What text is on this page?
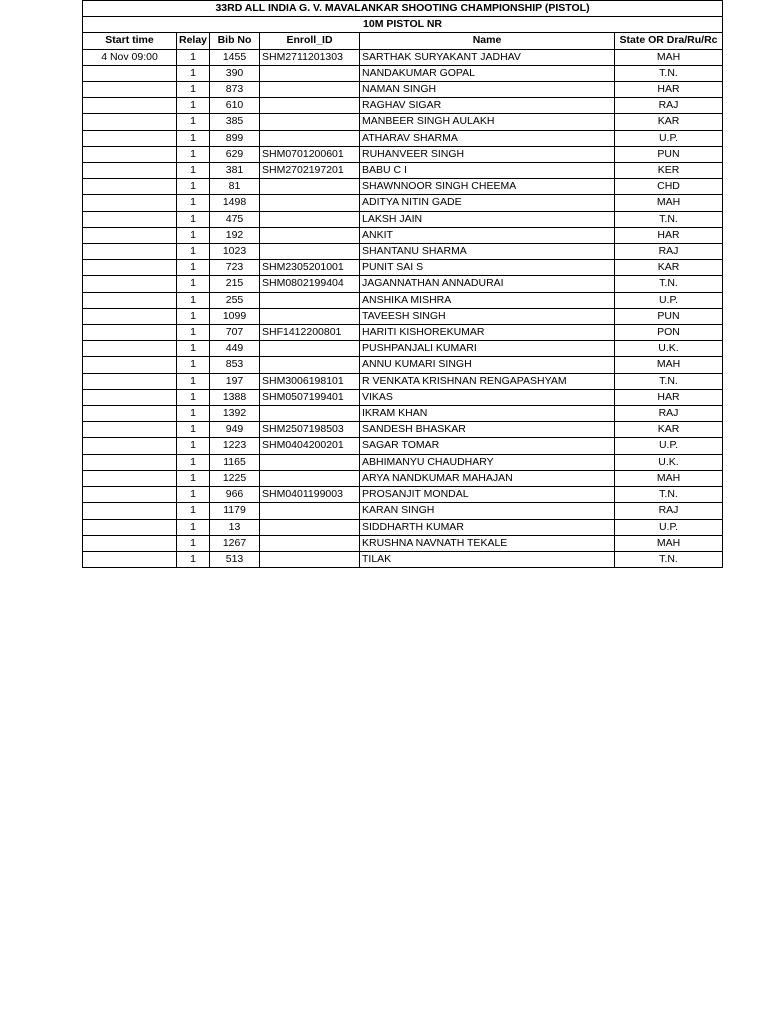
33RD ALL INDIA G. V. MAVALANKAR SHOOTING CHAMPIONSHIP (PISTOL)					
10M PISTOL NR					
Start time	Relay	Bib No	Enroll_ID	Name	State OR Dra/Ru/Rc
4 Nov 09:00	1	1455	SHM2711201303	SARTHAK SURYAKANT JADHAV	MAH
	1	390		NANDAKUMAR GOPAL	T.N.
	1	873		NAMAN SINGH	HAR
	1	610		RAGHAV SIGAR	RAJ
	1	385		MANBEER SINGH AULAKH	KAR
	1	899		ATHARAV SHARMA	U.P.
	1	629	SHM0701200601	RUHANVEER SINGH	PUN
	1	381	SHM2702197201	BABU C I	KER
	1	81		SHAWNNOOR SINGH CHEEMA	CHD
	1	1498		ADITYA NITIN GADE	MAH
	1	475		LAKSH JAIN	T.N.
	1	192		ANKIT	HAR
	1	1023		SHANTANU SHARMA	RAJ
	1	723	SHM2305201001	PUNIT SAI S	KAR
	1	215	SHM0802199404	JAGANNATHAN ANNADURAI	T.N.
	1	255		ANSHIKA MISHRA	U.P.
	1	1099		TAVEESH SINGH	PUN
	1	707	SHF1412200801	HARITI KISHOREKUMAR	PON
	1	449		PUSHPANJALI KUMARI	U.K.
	1	853		ANNU KUMARI SINGH	MAH
	1	197	SHM3006198101	R VENKATA KRISHNAN RENGAPASHYAM	T.N.
	1	1388	SHM0507199401	VIKAS	HAR
	1	1392		IKRAM KHAN	RAJ
	1	949	SHM2507198503	SANDESH BHASKAR	KAR
	1	1223	SHM0404200201	SAGAR TOMAR	U.P.
	1	1165		ABHIMANYU CHAUDHARY	U.K.
	1	1225		ARYA NANDKUMAR MAHAJAN	MAH
	1	966	SHM0401199003	PROSANJIT MONDAL	T.N.
	1	1179		KARAN SINGH	RAJ
	1	13		SIDDHARTH KUMAR	U.P.
	1	1267		KRUSHNA NAVNATH TEKALE	MAH
	1	513		TILAK	T.N.
